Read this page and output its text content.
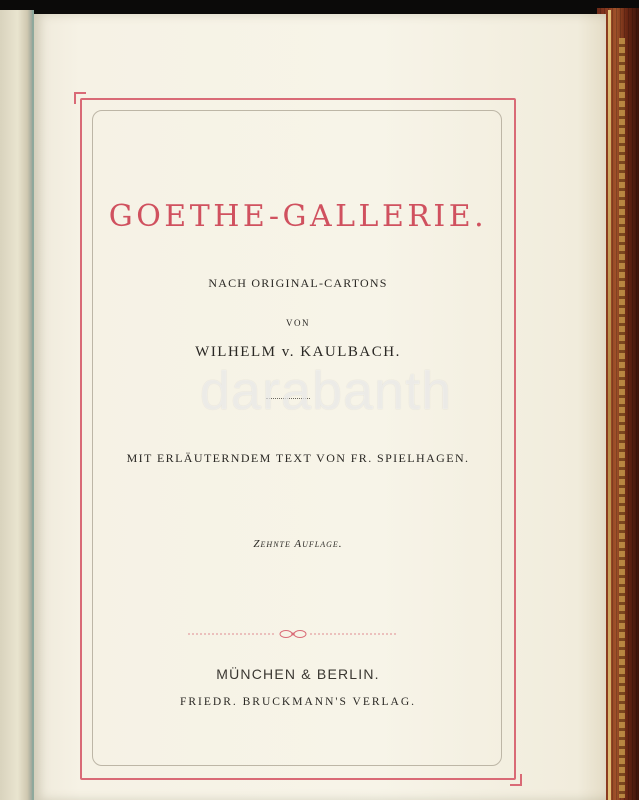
GOETHE-GALLERIE.
NACH ORIGINAL-CARTONS
VON
WILHELM v. KAULBACH.
MIT ERLÄUTERNDEM TEXT VON FR. SPIELHAGEN.
Zehnte Auflage.
MÜNCHEN & BERLIN.
FRIEDR. BRUCKMANN'S VERLAG.
darabanth
